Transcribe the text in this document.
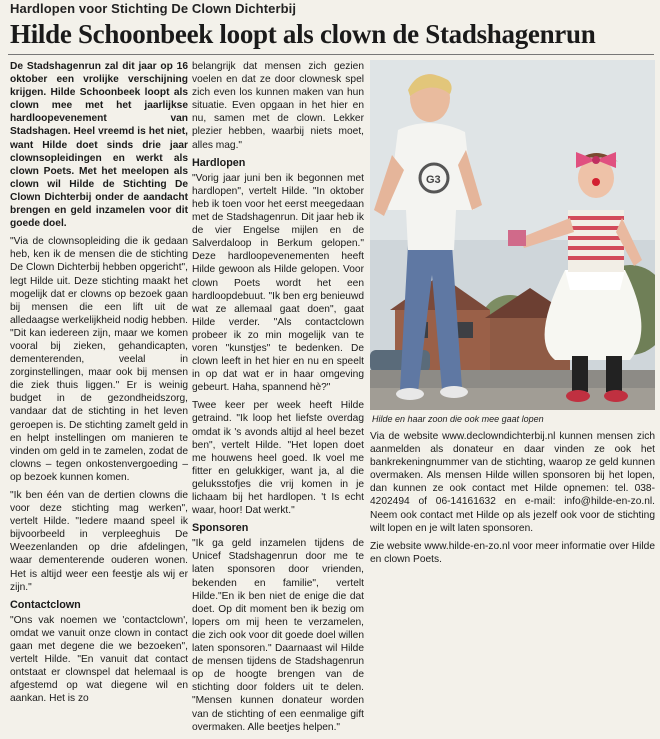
Hardlopen voor Stichting De Clown Dichterbij
Hilde Schoonbeek loopt als clown de Stadshagenrun

De Stadshagenrun zal dit jaar op 16 oktober een vrolijke verschijning krijgen. Hilde Schoonbeek loopt als clown mee met het jaarlijkse hardloopevenement van Stadshagen. Heel vreemd is het niet, want Hilde doet sinds drie jaar clownsopleidingen en werkt als clown Poets. Met het meelopen als clown wil Hilde de Stichting De Clown Dichterbij onder de aandacht brengen en geld inzamelen voor dit goede doel.

"Via de clownsopleiding die ik gedaan heb, ken ik de mensen die de stichting De Clown Dichterbij hebben opgericht", legt Hilde uit. Deze stichting maakt het mogelijk dat er clowns op bezoek gaan bij mensen die een lift uit de alledaagse werkelijkheid nodig hebben. "Dit kan iedereen zijn, maar we komen vooral bij zieken, gehandicapten, dementerenden, veelal in zorginstellingen, maar ook bij mensen die ziek thuis liggen." Er is weinig budget in de gezondheidszorg, vandaar dat de stichting in het leven geroepen is. De stichting zamelt geld in en helpt instellingen om manieren te vinden om geld in te zamelen, zodat de clowns – tegen onkostenvergoeding – op bezoek kunnen komen.

"Ik ben één van de dertien clowns die voor deze stichting mag werken", vertelt Hilde. "Iedere maand speel ik bijvoorbeeld in verpleeghuis De Weezenlanden op drie afdelingen, waar dementerende ouderen wonen. Het is altijd weer een feestje als wij er zijn."

Contactclown

"Ons vak noemen we 'contactclown', omdat we vanuit onze clown in contact gaan met degene die we bezoeken", vertelt Hilde. "En vanuit dat contact ontstaat er clownspel dat helemaal is afgestemd op wat diegene wil en aankan. Het is zo

belangrijk dat mensen zich gezien voelen en dat ze door clownesk spel zich even los kunnen maken van hun situatie. Even opgaan in het hier en nu, samen met de clown. Lekker plezier hebben, waarbij niets moet, alles mag."

Hardlopen

"Vorig jaar juni ben ik begonnen met hardlopen", vertelt Hilde. "In oktober heb ik toen voor het eerst meegedaan met de Stadshagenrun. Dit jaar heb ik de vier Engelse mijlen en de Salverdaloop in Berkum gelopen." Deze hardloopevenementen heeft Hilde gewoon als Hilde gelopen. Voor clown Poets wordt het een hardloopdebuut. "Ik ben erg benieuwd wat ze allemaal gaat doen", gaat Hilde verder. "Als contactclown probeer ik zo min mogelijk van te voren "kunstjes" te bedenken. De clown leeft in het hier en nu en speelt in op dat wat er in haar omgeving gebeurt. Haha, spannend hè?"

Twee keer per week heeft Hilde getraind. "Ik loop het liefste overdag omdat ik 's avonds altijd al heel bezet ben", vertelt Hilde. "Het lopen doet me houwens heel goed. Ik voel me fitter en gelukkiger, want ja, al die geluksstofjes die vrij komen in je lichaam bij het hardlopen. 't Is echt waar, hoor! Dat werkt."

Sponsoren

"Ik ga geld inzamelen tijdens de Unicef Stadshagenrun door me te laten sponsoren door vrienden, bekenden en familie", vertelt Hilde."En ik ben niet de enige die dat doet. Op dit moment ben ik bezig om lopers om mij heen te verzamelen, die zich ook voor dit goede doel willen laten sponsoren." Daarnaast wil Hilde de mensen tijdens de Stadshagenrun op de hoogte brengen van de stichting door folders uit te delen. "Mensen kunnen donateur worden van de stichting of een eenmalige gift overmaken. Alle beetjes helpen."

G3
Hilde en haar zoon die ook mee gaat lopen

Via de website www.declowndichterbij.nl kunnen mensen zich aanmelden als donateur en daar vinden ze ook het bankrekeningnummer van de stichting, waarop ze geld kunnen overmaken. Als mensen Hilde willen sponsoren bij het lopen, dan kunnen ze ook contact met Hilde opnemen: tel. 038-4202494 of 06-14161632 en e-mail: info@hilde-en-zo.nl. Neem ook contact met Hilde op als jezelf ook voor de stichting wilt lopen en je wilt laten sponsoren.

Zie website www.hilde-en-zo.nl voor meer informatie over Hilde en clown Poets.
